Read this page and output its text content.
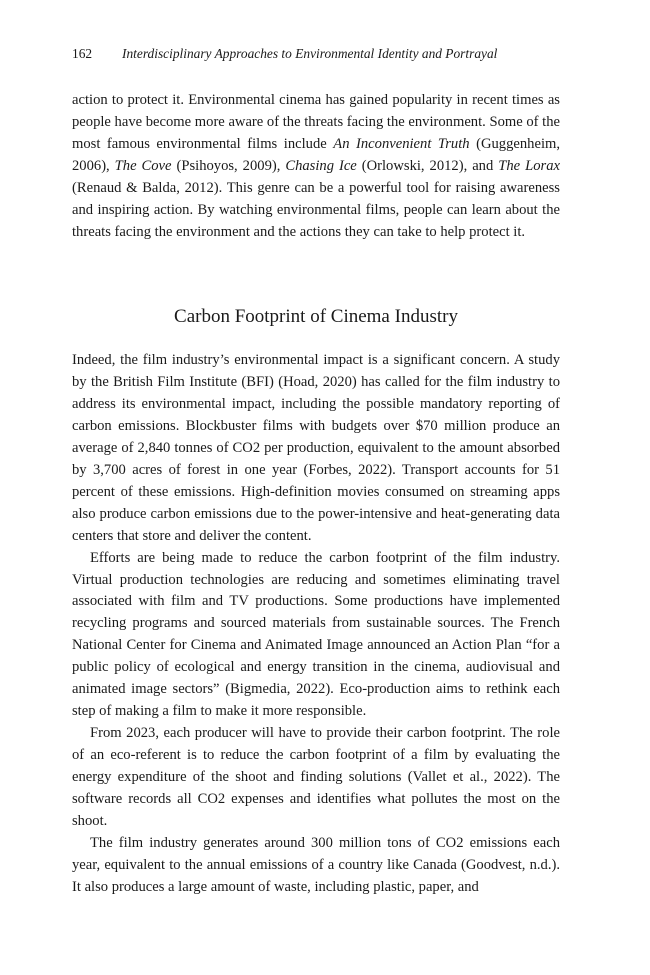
162 Interdisciplinary Approaches to Environmental Identity and Portrayal

action to protect it. Environmental cinema has gained popularity in recent times as people have become more aware of the threats facing the environment. Some of the most famous environmental films include An Inconvenient Truth (Guggenheim, 2006), The Cove (Psihoyos, 2009), Chasing Ice (Orlowski, 2012), and The Lorax (Renaud & Balda, 2012). This genre can be a powerful tool for raising awareness and inspiring action. By watching environmental films, people can learn about the threats facing the environment and the actions they can take to help protect it.

Carbon Footprint of Cinema Industry

Indeed, the film industry’s environmental impact is a significant concern. A study by the British Film Institute (BFI) (Hoad, 2020) has called for the film industry to address its environmental impact, including the possible mandatory reporting of carbon emissions. Blockbuster films with budgets over $70 million produce an average of 2,840 tonnes of CO2 per production, equivalent to the amount absorbed by 3,700 acres of forest in one year (Forbes, 2022). Transport accounts for 51 percent of these emissions. High-definition movies consumed on streaming apps also produce carbon emissions due to the power-intensive and heat-generating data centers that store and deliver the content.

Efforts are being made to reduce the carbon footprint of the film industry. Virtual production technologies are reducing and sometimes eliminating travel associated with film and TV productions. Some productions have implemented recycling programs and sourced materials from sustainable sources. The French National Center for Cinema and Animated Image announced an Action Plan “for a public policy of ecological and energy transition in the cinema, audiovisual and animated image sectors” (Bigmedia, 2022). Eco-production aims to rethink each step of making a film to make it more responsible.

From 2023, each producer will have to provide their carbon footprint. The role of an eco-referent is to reduce the carbon footprint of a film by evaluating the energy expenditure of the shoot and finding solutions (Vallet et al., 2022). The software records all CO2 expenses and identifies what pollutes the most on the shoot.

The film industry generates around 300 million tons of CO2 emissions each year, equivalent to the annual emissions of a country like Canada (Goodvest, n.d.). It also produces a large amount of waste, including plastic, paper, and
